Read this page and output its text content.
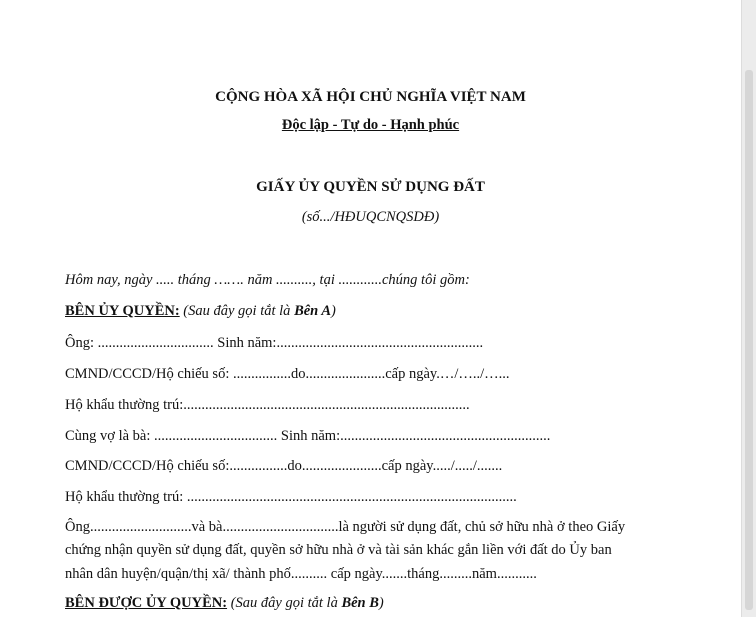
CỘNG HÒA XÃ HỘI CHỦ NGHĨA VIỆT NAM
Độc lập - Tự do - Hạnh phúc
GIẤY ỦY QUYỀN SỬ DỤNG ĐẤT
(số.../HĐUQCNQSDĐ)
Hôm nay, ngày ..... tháng ……. năm .........., tại ............chúng tôi gồm:
BÊN ỦY QUYỀN: (Sau đây gọi tắt là Bên A)
Ông: ................................ Sinh năm:.........................................................
CMND/CCCD/Hộ chiếu số: ................do......................cấp ngày.…/…../…...
Hộ khẩu thường trú:...............................................................................
Cùng vợ là bà: .................................. Sinh năm:..........................................................
CMND/CCCD/Hộ chiếu số:................do......................cấp ngày...../...../.......
Hộ khẩu thường trú: ...........................................................................................
Ông............................và bà................................là người sử dụng đất, chủ sở hữu nhà ở theo Giấy
chứng nhận quyền sử dụng đất, quyền sở hữu nhà ở và tài sản khác gắn liền với đất do Ủy ban
nhân dân huyện/quận/thị xã/ thành phố.......... cấp ngày.......tháng.........năm...........
BÊN ĐƯỢC ỦY QUYỀN: (Sau đây gọi tắt là Bên B)
